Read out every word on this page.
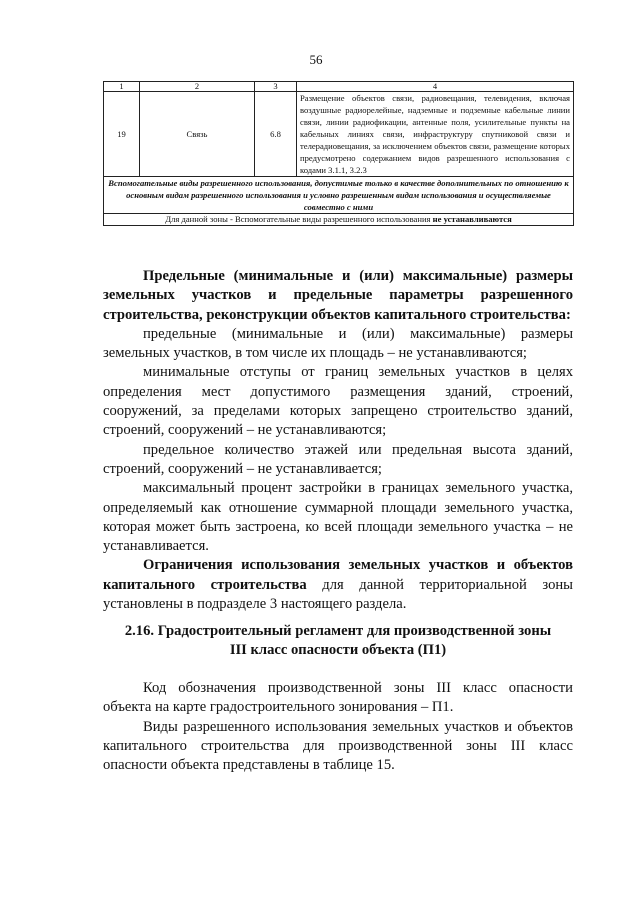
56
1	2	3	4
19	Связь	6.8	Размещение объектов связи, радиовещания, телевидения, включая воздушные радиорелейные, надземные и подземные кабельные линии связи, линии радиофикации, антенные поля, усилительные пункты на кабельных линиях связи, инфраструктуру спутниковой связи и телерадиовещания, за исключением объектов связи, размещение которых предусмотрено содержанием видов разрешенного использования с кодами 3.1.1, 3.2.3
Вспомогательные виды разрешенного использования, допустимые только в качестве дополнительных по отношению к основным видам разрешенного использования и условно разрешенным видам использования и осуществляемые совместно с ними			
Для данной зоны - Вспомогательные виды разрешенного использования не устанавливаются			

Предельные (минимальные и (или) максимальные) размеры земельных участков и предельные параметры разрешенного строительства, реконструкции объектов капитального строительства:

предельные (минимальные и (или) максимальные) размеры земельных участков, в том числе их площадь – не устанавливаются;

минимальные отступы от границ земельных участков в целях определения мест допустимого размещения зданий, строений, сооружений, за пределами которых запрещено строительство зданий, строений, сооружений – не устанавливаются;

предельное количество этажей или предельная высота зданий, строений, сооружений – не устанавливается;

максимальный процент застройки в границах земельного участка, определяемый как отношение суммарной площади земельного участка, которая может быть застроена, ко всей площади земельного участка – не устанавливается.

Ограничения использования земельных участков и объектов капитального строительства для данной территориальной зоны установлены в подразделе 3 настоящего раздела.

2.16. Градостроительный регламент для производственной зоны

III класс опасности объекта (П1)

Код обозначения производственной зоны III класс опасности объекта на карте градостроительного зонирования – П1.

Виды разрешенного использования земельных участков и объектов капитального строительства для производственной зоны III класс опасности объекта представлены в таблице 15.
